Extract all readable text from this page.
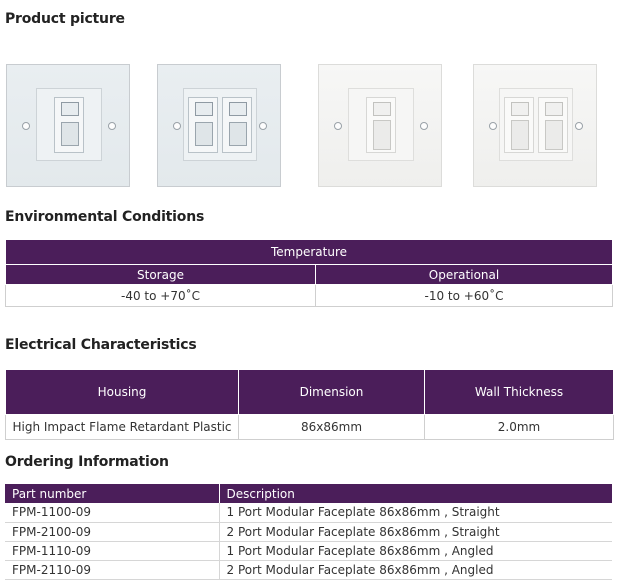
Product picture
Environmental Conditions
Temperature	
Storage	Operational
-40 to +70˚C	-10 to +60˚C
Electrical Characteristics
Housing	Dimension	Wall Thickness
High Impact Flame Retardant Plastic	86x86mm	2.0mm
Ordering Information
Part number	Description
FPM-1100-09	1 Port Modular Faceplate 86x86mm , Straight
FPM-2100-09	2 Port Modular Faceplate 86x86mm , Straight
FPM-1110-09	1 Port Modular Faceplate 86x86mm , Angled
FPM-2110-09	2 Port Modular Faceplate 86x86mm , Angled
